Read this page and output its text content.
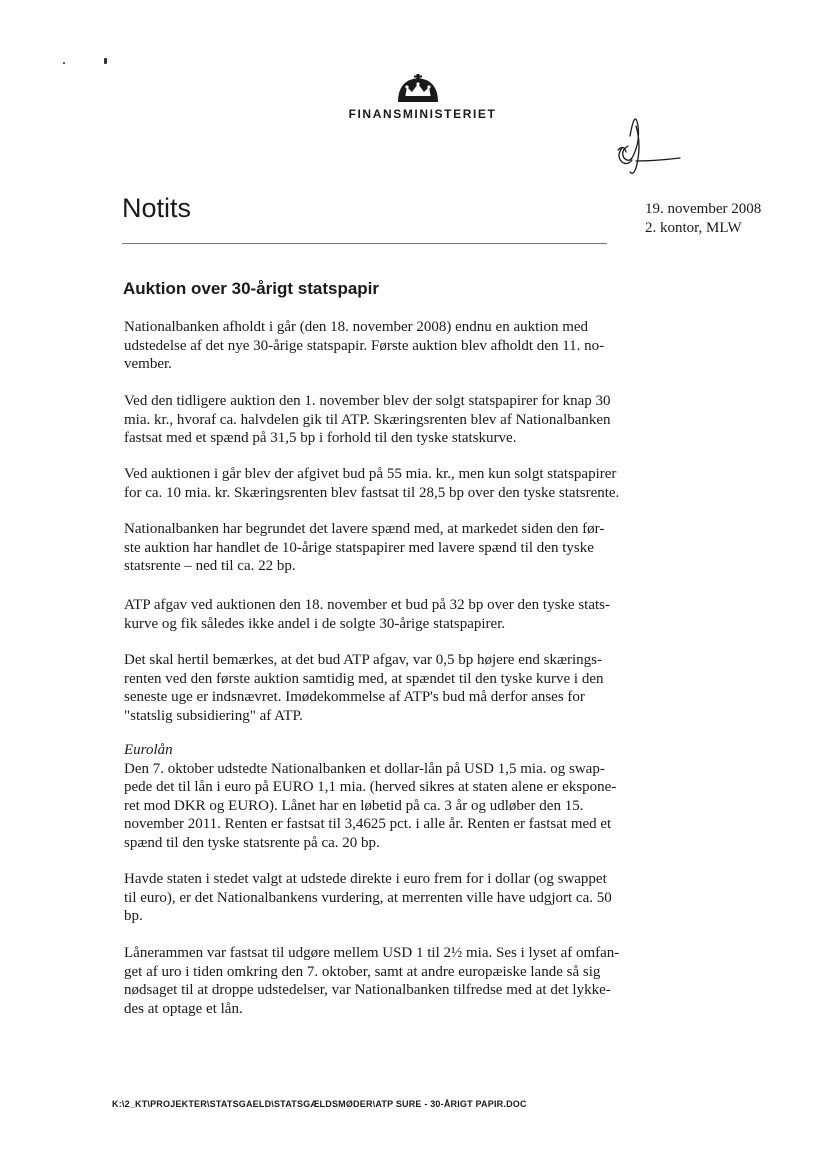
FINANSMINISTERIET
Notits	19. november 2008
2. kontor, MLW
Auktion over 30-årigt statspapir
Nationalbanken afholdt i går (den 18. november 2008) endnu en auktion med
udstedelse af det nye 30-årige statspapir. Første auktion blev afholdt den 11. no-
vember.
Ved den tidligere auktion den 1. november blev der solgt statspapirer for knap 30
mia. kr., hvoraf ca. halvdelen gik til ATP. Skæringsrenten blev af Nationalbanken
fastsat med et spænd på 31,5 bp i forhold til den tyske statskurve.
Ved auktionen i går blev der afgivet bud på 55 mia. kr., men kun solgt statspapirer
for ca. 10 mia. kr. Skæringsrenten blev fastsat til 28,5 bp over den tyske statsrente.
Nationalbanken har begrundet det lavere spænd med, at markedet siden den før-
ste auktion har handlet de 10-årige statspapirer med lavere spænd til den tyske
statsrente – ned til ca. 22 bp.
ATP afgav ved auktionen den 18. november et bud på 32 bp over den tyske stats-
kurve og fik således ikke andel i de solgte 30-årige statspapirer.
Det skal hertil bemærkes, at det bud ATP afgav, var 0,5 bp højere end skærings-
renten ved den første auktion samtidig med, at spændet til den tyske kurve i den
seneste uge er indsnævret. Imødekommelse af ATP's bud må derfor anses for
"statslig subsidiering" af ATP.
Eurolån
Den 7. oktober udstedte Nationalbanken et dollar-lån på USD 1,5 mia. og swap-
pede det til lån i euro på EURO 1,1 mia. (herved sikres at staten alene er ekspone-
ret mod DKR og EURO). Lånet har en løbetid på ca. 3 år og udløber den 15.
november 2011. Renten er fastsat til 3,4625 pct. i alle år. Renten er fastsat med et
spænd til den tyske statsrente på ca. 20 bp.
Havde staten i stedet valgt at udstede direkte i euro frem for i dollar (og swappet
til euro), er det Nationalbankens vurdering, at merrenten ville have udgjort ca. 50
bp.
Lånerammen var fastsat til udgøre mellem USD 1 til 2½ mia. Ses i lyset af omfan-
get af uro i tiden omkring den 7. oktober, samt at andre europæiske lande så sig
nødsaget til at droppe udstedelser, var Nationalbanken tilfredse med at det lykke-
des at optage et lån.
K:\2_KT\PROJEKTER\STATSGAELD\STATSGÆLDSMØDER\ATP SURE - 30-ÅRIGT PAPIR.DOC
